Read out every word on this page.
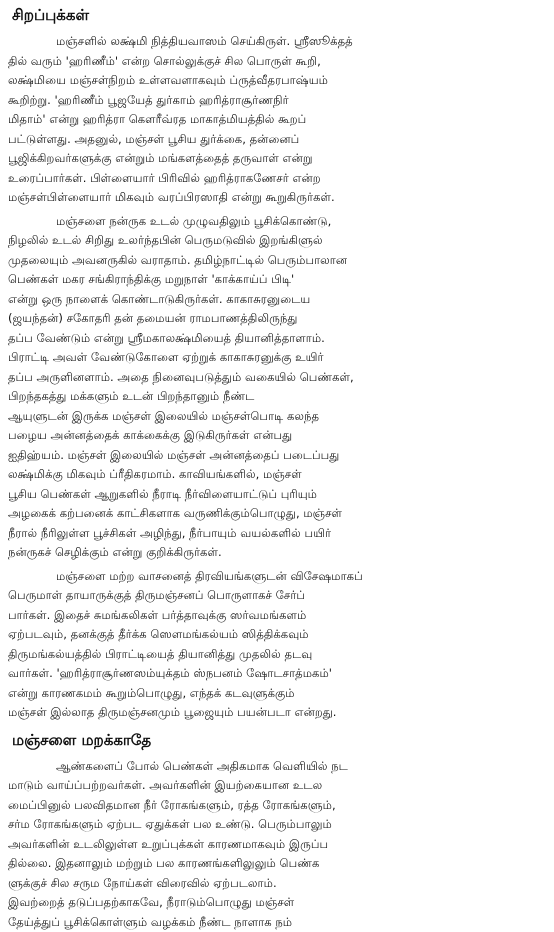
சிறப்புக்கள்
மஞ்சளில் லக்ஷ்மி நித்தியவாஸம் செய்கிருள். ஸ்ரீஸூக்தத்
தில் வரும் 'ஹரிணீம்' என்ற சொல்லுக்குச் சில பொருள் கூறி,
லக்ஷ்மியை மஞ்சள்நிறம் உள்ளவளாகவும் ப்ருத்வீதரபாஷ்யம்
கூறிற்று. 'ஹரிணீம் பூஜயேத் துர்காம் ஹரித்ராசூர்ணநிர்
மிதாம்' என்று ஹரித்ரா கௌரீவ்ரத மாகாத்மியத்தில் கூறப்
பட்டுள்ளது. அதனுல், மஞ்சள் பூசிய துர்க்கை, தன்னைப்
பூஜிக்கிறவர்களுக்கு என்றும் மங்களத்தைத் தருவாள் என்று
உரைப்பார்கள். பிள்ளையார் பிரிவில் ஹரித்ராகணேசர் என்ற
மஞ்சள்பிள்ளையார் மிகவும் வரப்பிரஸாதி என்று கூறுகிருர்கள்.
மஞ்சளை நன்ருக உடல் முழுவதிலும் பூசிக்கொண்டு,
நிழலில் உடல் சிறிது உலர்ந்தபின் பெருமடுவில் இறங்கிளுல்
முதலையும் அவனருகில் வராதாம். தமிழ்நாட்டில் பெரும்பாலான
பெண்கள் மகர சங்கிராந்திக்கு மறுநாள் 'காக்காய்ப் பிடி'
என்று ஒரு நாளைக் கொண்டாடுகிருர்கள். காகாசுரனுடைய
(ஜயந்தன்) சகோதரி தன் தமையன் ராமபாணத்திலிருந்து
தப்ப வேண்டும் என்று ஸ்ரீமகாலக்ஷ்மியைத் தியானித்தாளாம்.
பிராட்டி அவள் வேண்டுகோளை ஏற்றுக் காகாசுரனுக்கு உயிர்
தப்ப அருளினளாம். அதை நினைவுபடுத்தும் வகையில் பெண்கள்,
பிறந்தகத்து மக்களும் உடன் பிறந்தானும் நீண்ட
ஆயுளுடன் இருக்க மஞ்சள் இலையில் மஞ்சள்பொடி கலந்த
பழைய அன்னத்தைக் காக்கைக்கு இடுகிருர்கள் என்பது
ஐதிஹ்யம். மஞ்சள் இலையில் மஞ்சள் அன்னத்தைப் படைப்பது
லக்ஷ்மிக்கு மிகவும் ப்ரீதிகரமாம். காவியங்களில், மஞ்சள்
பூசிய பெண்கள் ஆறுகளில் நீராடி நீர்விளையாட்டுப் புரியும்
அழகைக் கற்பனைக் காட்சிகளாக வருணிக்கும்பொழுது, மஞ்சள்
நீரால் நீரிலுள்ள பூச்சிகள் அழிந்து, நீர்பாயும் வயல்களில் பயிர்
நன்ருகச் செழிக்கும் என்று குறிக்கிருர்கள்.
மஞ்சளை மற்ற வாசனைத் திரவியங்களுடன் விசேஷமாகப்
பெருமாள் தாயாருக்குத் திருமஞ்சனப் பொருளாகச் சேர்ப்
பார்கள். இதைச் சுமங்கலிகள் பர்த்தாவுக்கு ஸர்வமங்களம்
ஏற்படவும், தனக்குத் தீர்க்க ஸௌமங்கல்யம் ஸித்திக்கவும்
திருமங்கல்யத்தில் பிராட்டியைத் தியானித்து முதலில் தடவு
வார்கள். 'ஹரித்ராசூர்ணஸம்யுக்தம் ஸ்நபனம் ஷோடசாத்மகம்'
என்று காரணகமம் கூறும்பொழுது, எந்தக் கடவுளுக்கும்
மஞ்சள் இல்லாத திருமஞ்சனமும் பூஜையும் பயன்படா என்றது.
மஞ்சளை மறக்காதே
ஆண்களைப் போல் பெண்கள் அதிகமாக வெளியில் நட
மாடும் வாய்ப்பற்றவர்கள். அவர்களின் இயற்கையான உடல
மைப்பினுல் பலவிதமான நீர் ரோகங்களும், ரத்த ரோகங்களும்,
சர்ம ரோகங்களும் ஏற்பட ஏதுக்கள் பல உண்டு. பெரும்பாலும்
அவர்களின் உடலிலுள்ள உறுப்புக்கள் காரணமாகவும் இருப்ப
தில்லை. இதனாலும் மற்றும் பல காரணங்களிலுலும் பெண்க
ளுக்குச் சில சரும நோய்கள் விரைவில் ஏற்படலாம்.
இவற்றைத் தடுப்பதற்காகவே, நீராடும்பொழுது மஞ்சள்
தேய்த்துப் பூசிக்கொள்ளும் வழக்கம் நீண்ட நாளாக நம்
